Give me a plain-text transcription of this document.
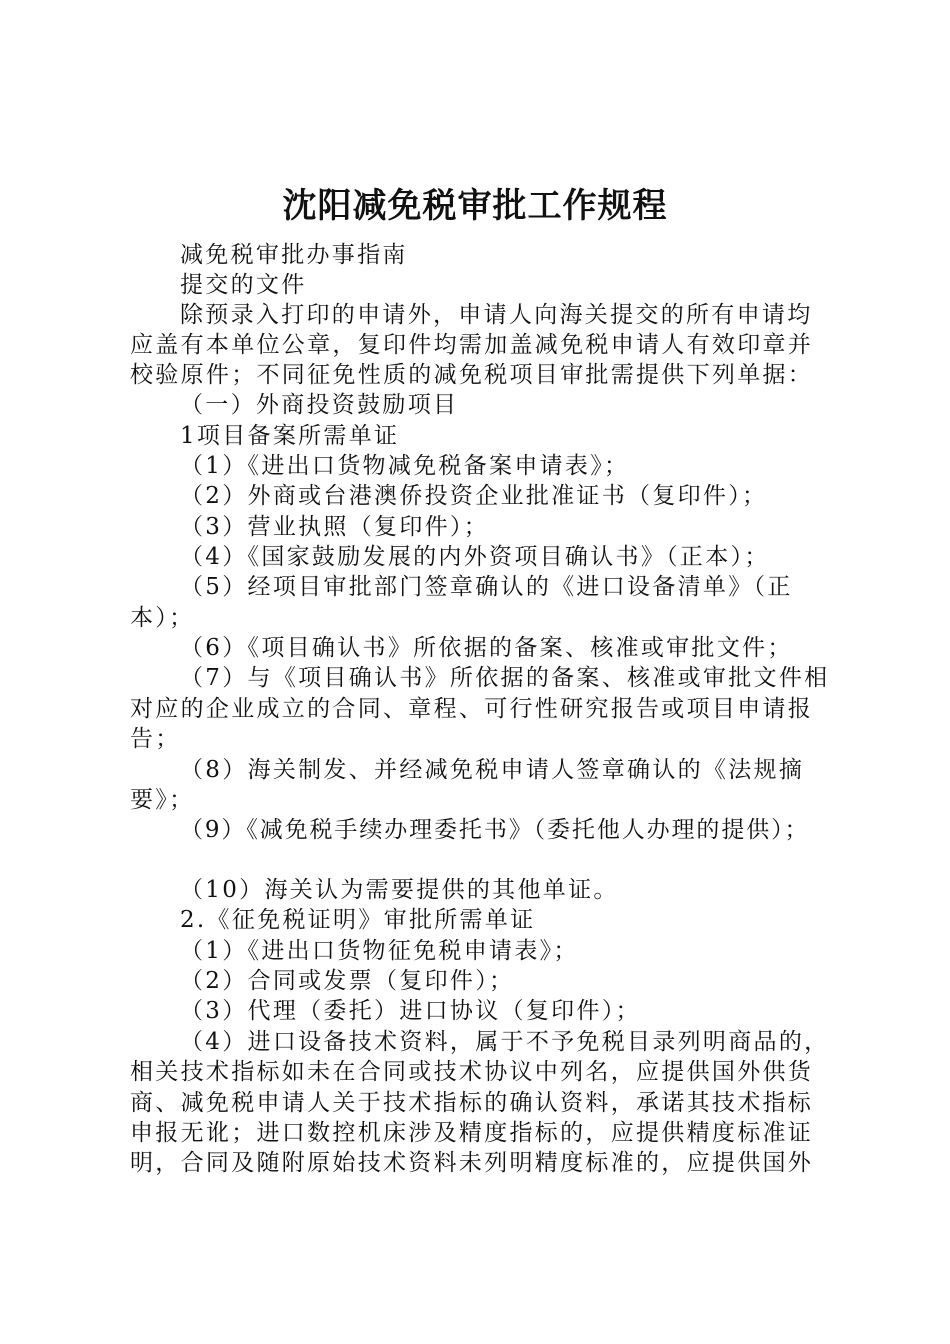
沈阳减免税审批工作规程
减免税审批办事指南
提交的文件
除预录入打印的申请外，申请人向海关提交的所有申请均
应盖有本单位公章，复印件均需加盖减免税申请人有效印章并
校验原件；不同征免性质的减免税项目审批需提供下列单据：
（一）外商投资鼓励项目
1项目备案所需单证
（1）《进出口货物减免税备案申请表》；
（2）外商或台港澳侨投资企业批准证书（复印件）；
（3）营业执照（复印件）；
（4）《国家鼓励发展的内外资项目确认书》（正本）；
（5）经项目审批部门签章确认的《进口设备清单》（正
本）；
（6）《项目确认书》所依据的备案、核准或审批文件；
（7）与《项目确认书》所依据的备案、核准或审批文件相
对应的企业成立的合同、章程、可行性研究报告或项目申请报
告；
（8）海关制发、并经减免税申请人签章确认的《法规摘
要》；
（9）《减免税手续办理委托书》（委托他人办理的提供）；
（10）海关认为需要提供的其他单证。
2.《征免税证明》审批所需单证
（1）《进出口货物征免税申请表》；
（2）合同或发票（复印件）；
（3）代理（委托）进口协议（复印件）；
（4）进口设备技术资料，属于不予免税目录列明商品的，
相关技术指标如未在合同或技术协议中列名，应提供国外供货
商、减免税申请人关于技术指标的确认资料，承诺其技术指标
申报无讹；进口数控机床涉及精度指标的，应提供精度标准证
明，合同及随附原始技术资料未列明精度标准的，应提供国外
